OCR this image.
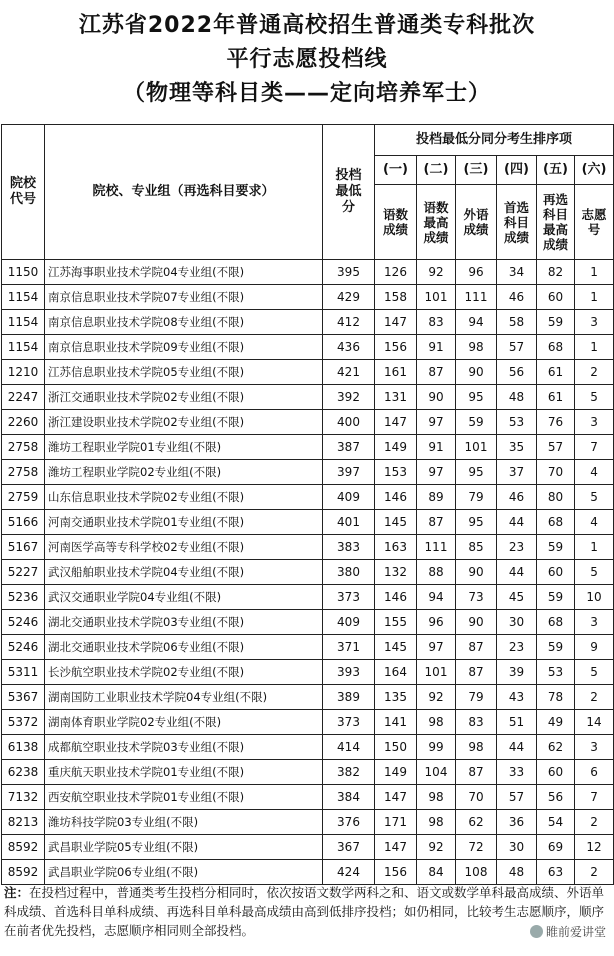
江苏省2022年普通高校招生普通类专科批次
平行志愿投档线
（物理等科目类——定向培养军士）
院校代号	院校、专业组（再选科目要求）	投档最低分	投档最低分同分考生排序项					
			(一)	(二)	(三)	(四)	(五)	(六)
			语数成绩	语数最高成绩	外语成绩	首选科目成绩	再选科目最高成绩	志愿号
1150	江苏海事职业技术学院04专业组(不限)	395	126	92	96	34	82	1
1154	南京信息职业技术学院07专业组(不限)	429	158	101	111	46	60	1
1154	南京信息职业技术学院08专业组(不限)	412	147	83	94	58	59	3
1154	南京信息职业技术学院09专业组(不限)	436	156	91	98	57	68	1
1210	江苏信息职业技术学院05专业组(不限)	421	161	87	90	56	61	2
2247	浙江交通职业技术学院02专业组(不限)	392	131	90	95	48	61	5
2260	浙江建设职业技术学院02专业组(不限)	400	147	97	59	53	76	3
2758	潍坊工程职业学院01专业组(不限)	387	149	91	101	35	57	7
2758	潍坊工程职业学院02专业组(不限)	397	153	97	95	37	70	4
2759	山东信息职业技术学院02专业组(不限)	409	146	89	79	46	80	5
5166	河南交通职业技术学院01专业组(不限)	401	145	87	95	44	68	4
5167	河南医学高等专科学校02专业组(不限)	383	163	111	85	23	59	1
5227	武汉船舶职业技术学院04专业组(不限)	380	132	88	90	44	60	5
5236	武汉交通职业学院04专业组(不限)	373	146	94	73	45	59	10
5246	湖北交通职业技术学院03专业组(不限)	409	155	96	90	30	68	3
5246	湖北交通职业技术学院06专业组(不限)	371	145	97	87	23	59	9
5311	长沙航空职业技术学院02专业组(不限)	393	164	101	87	39	53	5
5367	湖南国防工业职业技术学院04专业组(不限)	389	135	92	79	43	78	2
5372	湖南体育职业学院02专业组(不限)	373	141	98	83	51	49	14
6138	成都航空职业技术学院03专业组(不限)	414	150	99	98	44	62	3
6238	重庆航天职业技术学院01专业组(不限)	382	149	104	87	33	60	6
7132	西安航空职业技术学院01专业组(不限)	384	147	98	70	57	56	7
8213	潍坊科技学院03专业组(不限)	376	171	98	62	36	54	2
8592	武昌职业学院05专业组(不限)	367	147	92	72	30	69	12
8592	武昌职业学院06专业组(不限)	424	156	84	108	48	63	2
注：在投档过程中，普通类考生投档分相同时，依次按语文数学两科之和、语文或数学单科最高成绩、外语单科成绩、首选科目单科成绩、再选科目单科最高成绩由高到低排序投档；如仍相同，比较考生志愿顺序，顺序在前者优先投档，志愿顺序相同则全部投档。	睢前爱讲堂
